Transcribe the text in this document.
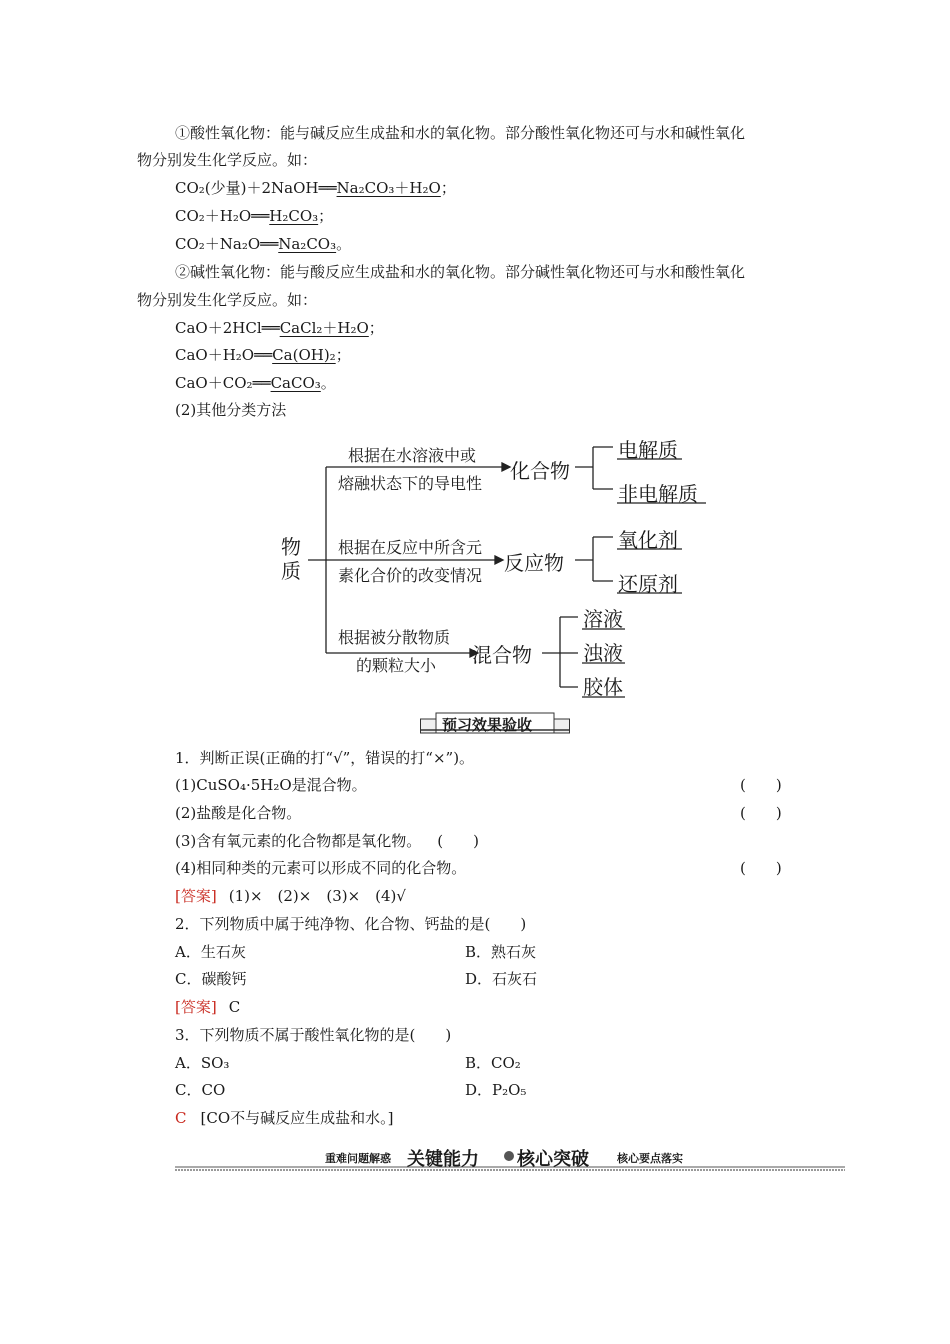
①酸性氧化物：能与碱反应生成盐和水的氧化物。部分酸性氧化物还可与水和碱性氧化
物分别发生化学反应。如：
CO₂(少量)＋2NaOH══Na₂CO₃＋H₂O；
CO₂＋H₂O══H₂CO₃；
CO₂＋Na₂O══Na₂CO₃。
②碱性氧化物：能与酸反应生成盐和水的氧化物。部分碱性氧化物还可与水和酸性氧化
物分别发生化学反应。如：
CaO＋2HCl══CaCl₂＋H₂O；
CaO＋H₂O══Ca(OH)₂；
CaO＋CO₂══CaCO₃。
(2)其他分类方法
物质
根据在水溶液中或
熔融状态下的导电性
化合物
电解质
非电解质
根据在反应中所含元
素化合价的改变情况
反应物
氧化剂
还原剂
根据被分散物质
的颗粒大小 混合物
溶液
浊液
胶体
预习效果验收
1．判断正误(正确的打“√”，错误的打“×”)。
(1)CuSO₄·5H₂O是混合物。	(　　)
(2)盐酸是化合物。	(　　)
(3)含有氧元素的化合物都是氧化物。 (　　)
(4)相同种类的元素可以形成不同的化合物。	(　　)
[答案] (1)×　(2)×　(3)×　(4)√
2．下列物质中属于纯净物、化合物、钙盐的是(　　)
A．生石灰	B．熟石灰
C．碳酸钙	D．石灰石
[答案] C
3．下列物质不属于酸性氧化物的是(　　)
A．SO₃	B．CO₂
C．CO	D．P₂O₅
C [CO不与碱反应生成盐和水。]
重难问题解惑 关键能力 核心突破	核心要点落实
